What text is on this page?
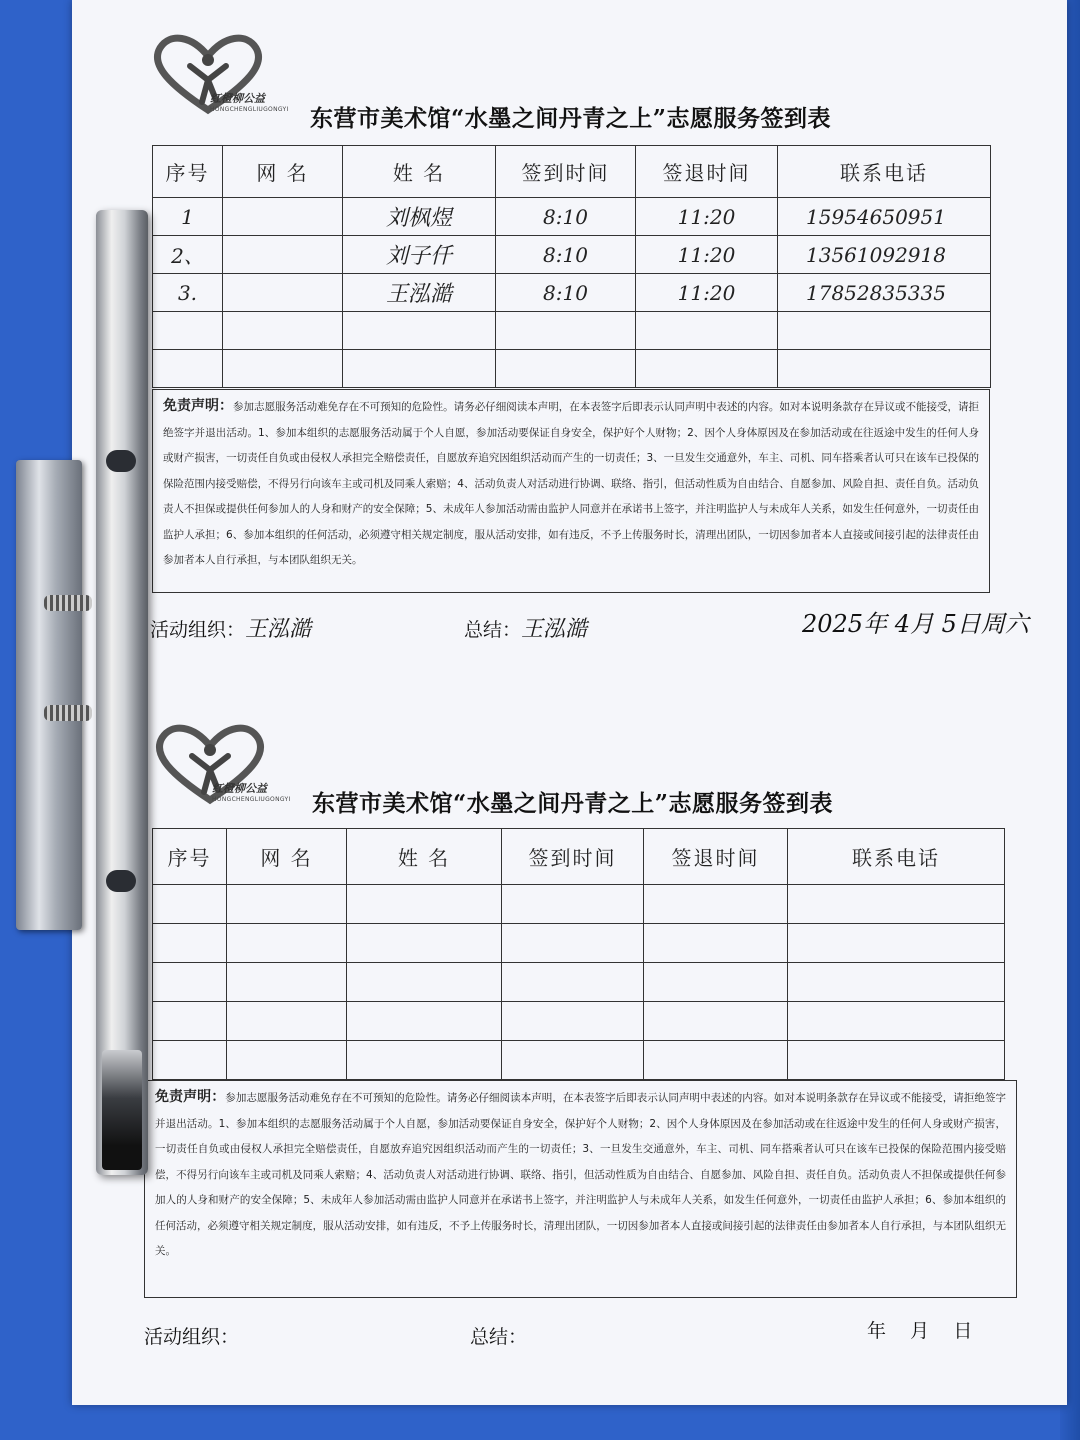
红橙柳公益
HONGCHENGLIUGONGYI 东营市美术馆“水墨之间丹青之上”志愿服务签到表
序号	网 名	姓 名	签到时间	签退时间	联系电话
1		刘枫煜	8:10	11:20	15954650951
2、		刘子仟	8:10	11:20	13561092918
3.		王泓澔	8:10	11:20	17852835335

免责声明：参加志愿服务活动难免存在不可预知的危险性。请务必仔细阅读本声明，在本表签字后即表示认同声明中表述的内容。如对本说明条款存在异议或不能接受，请拒绝签字并退出活动。1、参加本组织的志愿服务活动属于个人自愿，参加活动要保证自身安全，保护好个人财物；2、因个人身体原因及在参加活动或在往返途中发生的任何人身或财产损害，一切责任自负或由侵权人承担完全赔偿责任，自愿放弃追究因组织活动而产生的一切责任；3、一旦发生交通意外，车主、司机、同车搭乘者认可只在该车已投保的保险范围内接受赔偿，不得另行向该车主或司机及同乘人索赔；4、活动负责人对活动进行协调、联络、指引，但活动性质为自由结合、自愿参加、风险自担、责任自负。活动负责人不担保或提供任何参加人的人身和财产的安全保障；5、未成年人参加活动需由监护人同意并在承诺书上签字，并注明监护人与未成年人关系，如发生任何意外，一切责任由监护人承担；6、参加本组织的任何活动，必须遵守相关规定制度，服从活动安排，如有违反，不予上传服务时长，清理出团队，一切因参加者本人直接或间接引起的法律责任由参加者本人自行承担，与本团队组织无关。
活动组织：王泓澔	总结：王泓澔	2025年 4月 5日周六
红橙柳公益
HONGCHENGLIUGONGYI 东营市美术馆“水墨之间丹青之上”志愿服务签到表
序号	网 名	姓 名	签到时间	签退时间	联系电话

免责声明：参加志愿服务活动难免存在不可预知的危险性。请务必仔细阅读本声明，在本表签字后即表示认同声明中表述的内容。如对本说明条款存在异议或不能接受，请拒绝签字并退出活动。1、参加本组织的志愿服务活动属于个人自愿，参加活动要保证自身安全，保护好个人财物；2、因个人身体原因及在参加活动或在往返途中发生的任何人身或财产损害，一切责任自负或由侵权人承担完全赔偿责任，自愿放弃追究因组织活动而产生的一切责任；3、一旦发生交通意外，车主、司机、同车搭乘者认可只在该车已投保的保险范围内接受赔偿，不得另行向该车主或司机及同乘人索赔；4、活动负责人对活动进行协调、联络、指引，但活动性质为自由结合、自愿参加、风险自担、责任自负。活动负责人不担保或提供任何参加人的人身和财产的安全保障；5、未成年人参加活动需由监护人同意并在承诺书上签字，并注明监护人与未成年人关系，如发生任何意外，一切责任由监护人承担；6、参加本组织的任何活动，必须遵守相关规定制度，服从活动安排，如有违反，不予上传服务时长，清理出团队，一切因参加者本人直接或间接引起的法律责任由参加者本人自行承担，与本团队组织无关。
活动组织：	总结：	年    月    日
